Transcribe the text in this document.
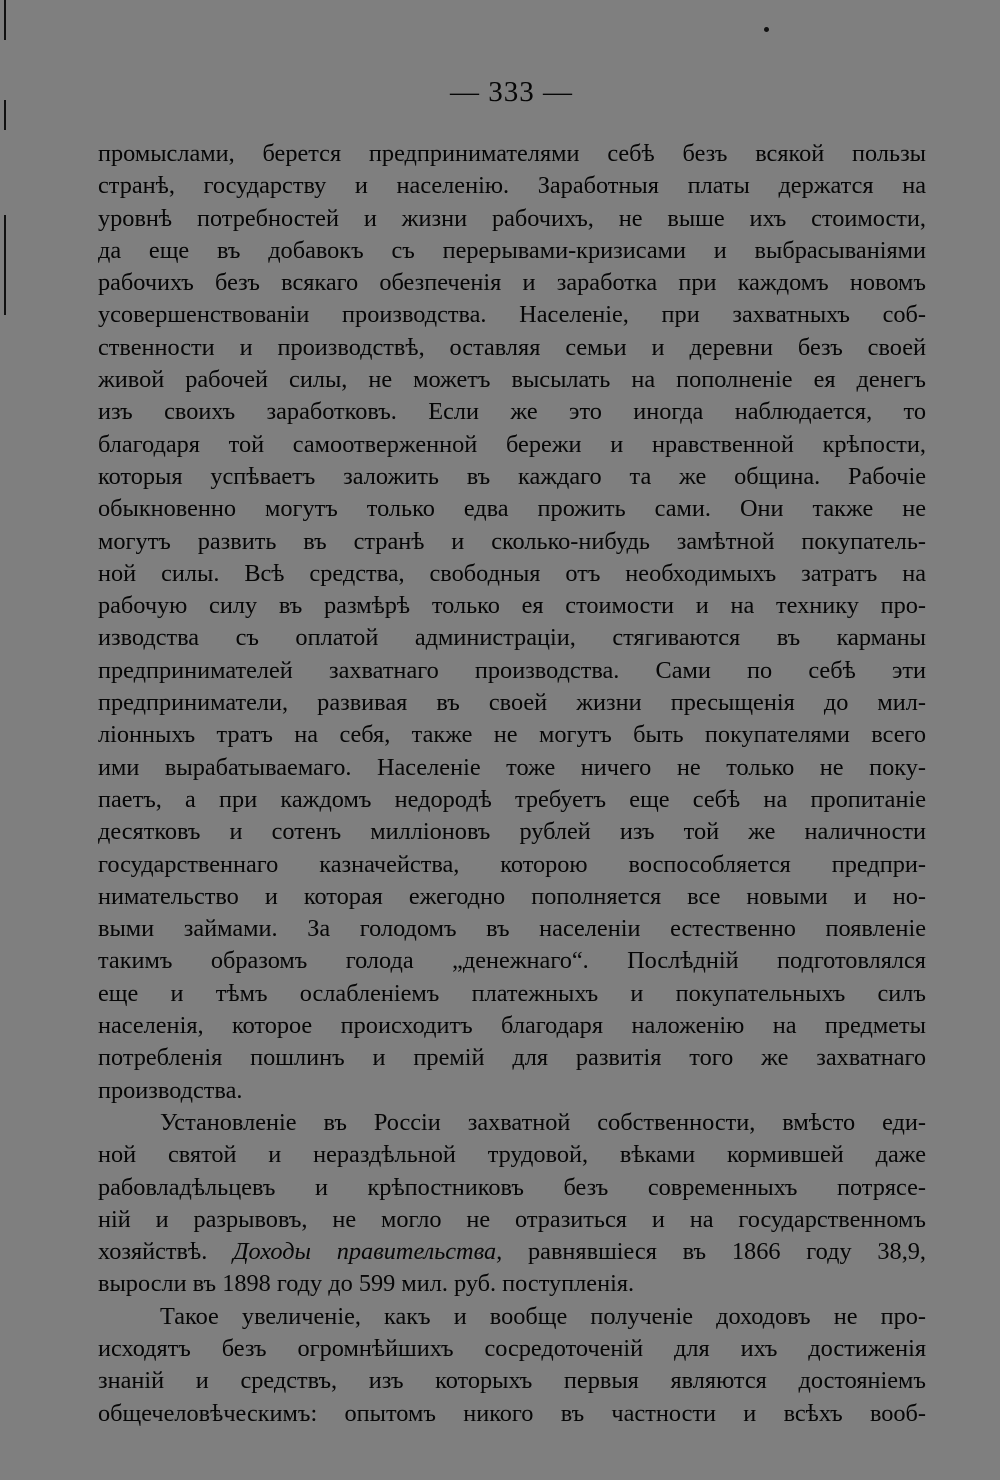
— 333 —
промыслами, берется предпринимателями себѣ безъ всякой пользы
странѣ, государству и населенію. Заработныя платы держатся на
уровнѣ потребностей и жизни рабочихъ, не выше ихъ стоимости,
да еще въ добавокъ съ перерывами-кризисами и выбрасываніями
рабочихъ безъ всякаго обезпеченія и заработка при каждомъ новомъ
усовершенствованіи производства. Населеніе, при захватныхъ соб-
ственности и производствѣ, оставляя семьи и деревни безъ своей
живой рабочей силы, не можетъ высылать на пополненіе ея денегъ
изъ своихъ заработковъ. Если же это иногда наблюдается, то
благодаря той самоотверженной бережи и нравственной крѣпости,
которыя успѣваетъ заложить въ каждаго та же община. Рабочіе
обыкновенно могутъ только едва прожить сами. Они также не
могутъ развить въ странѣ и сколько-нибудь замѣтной покупатель-
ной силы. Всѣ средства, свободныя отъ необходимыхъ затратъ на
рабочую силу въ размѣрѣ только ея стоимости и на технику про-
изводства съ оплатой администраціи, стягиваются въ карманы
предпринимателей захватнаго производства. Сами по себѣ эти
предприниматели, развивая въ своей жизни пресыщенія до мил-
ліонныхъ тратъ на себя, также не могутъ быть покупателями всего
ими вырабатываемаго. Населеніе тоже ничего не только не поку-
паетъ, а при каждомъ недородѣ требуетъ еще себѣ на пропитаніе
десятковъ и сотенъ милліоновъ рублей изъ той же наличности
государственнаго казначейства, которою воспособляется предпри-
нимательство и которая ежегодно пополняется все новыми и но-
выми займами. За голодомъ въ населеніи естественно появленіе
такимъ образомъ голода „денежнаго“. Послѣдній подготовлялся
еще и тѣмъ ослабленіемъ платежныхъ и покупательныхъ силъ
населенія, которое происходитъ благодаря наложенію на предметы
потребленія пошлинъ и премій для развитія того же захватнаго
производства.
Установленіе въ Россіи захватной собственности, вмѣсто еди-
ной святой и нераздѣльной трудовой, вѣками кормившей даже
рабовладѣльцевъ и крѣпостниковъ безъ современныхъ потрясе-
ній и разрывовъ, не могло не отразиться и на государственномъ
хозяйствѣ. Доходы правительства, равнявшіеся въ 1866 году 38,9,
выросли въ 1898 году до 599 мил. руб. поступленія.
Такое увеличеніе, какъ и вообще полученіе доходовъ не про-
исходятъ безъ огромнѣйшихъ сосредоточеній для ихъ достиженія
знаній и средствъ, изъ которыхъ первыя являются достояніемъ
общечеловѣческимъ: опытомъ никого въ частности и всѣхъ вооб-
